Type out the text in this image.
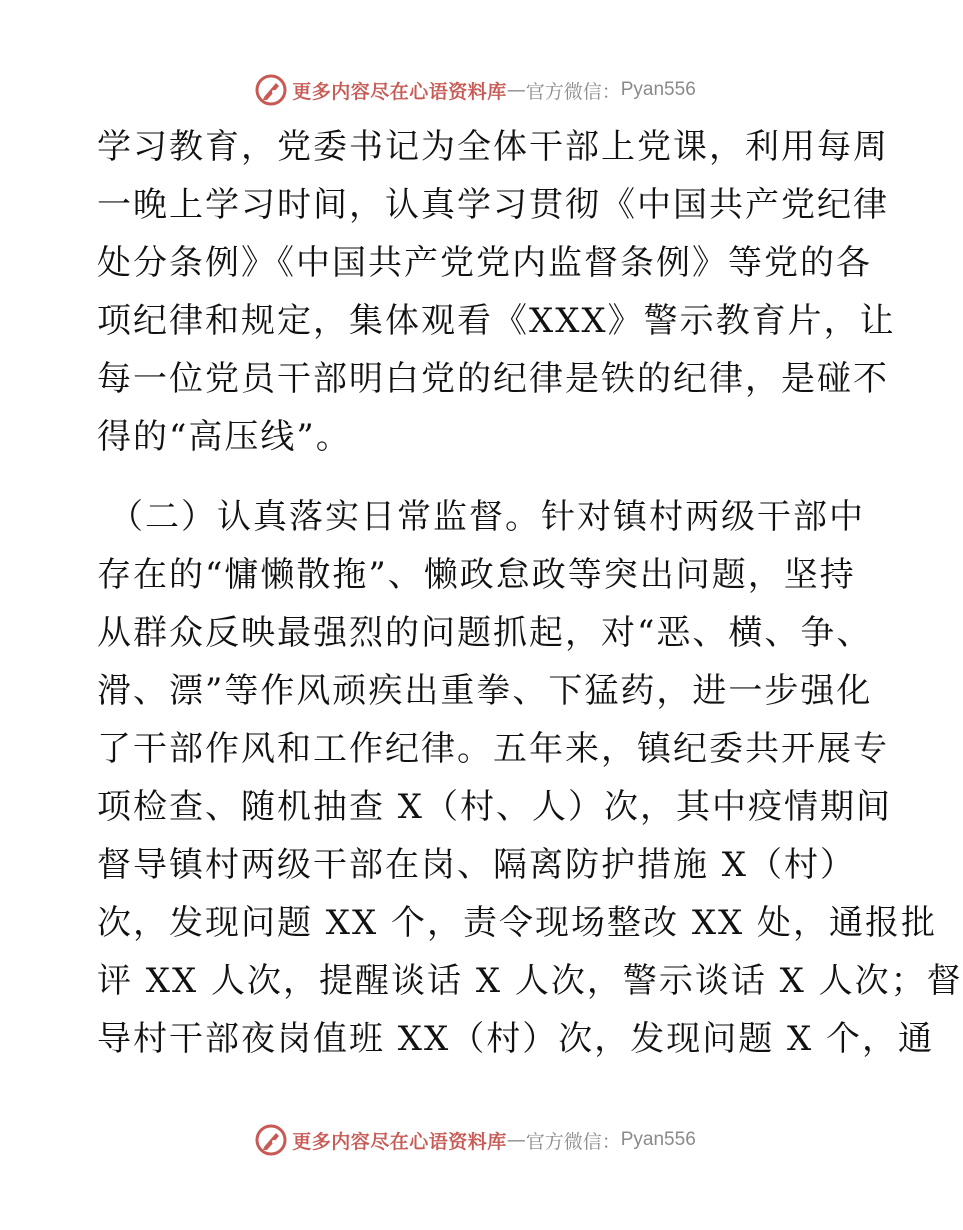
更多内容尽在心语资料库 — 官方微信： Pyan556
学习教育，党委书记为全体干部上党课，利用每周
一晚上学习时间，认真学习贯彻《中国共产党纪律
处分条例》《中国共产党党内监督条例》等党的各
项纪律和规定，集体观看《XXX》警示教育片，让
每一位党员干部明白党的纪律是铁的纪律，是碰不
得的“高压线”。
（二）认真落实日常监督。针对镇村两级干部中
存在的“慵懒散拖”、懒政怠政等突出问题，坚持
从群众反映最强烈的问题抓起，对“恶、横、争、
滑、漂”等作风顽疾出重拳、下猛药，进一步强化
了干部作风和工作纪律。五年来，镇纪委共开展专
项检查、随机抽查 X（村、人）次，其中疫情期间
督导镇村两级干部在岗、隔离防护措施 X（村）
次，发现问题 XX 个，责令现场整改 XX 处，通报批
评 XX 人次，提醒谈话 X 人次，警示谈话 X 人次；督
导村干部夜岗值班 XX（村）次，发现问题 X 个，通
更多内容尽在心语资料库 — 官方微信： Pyan556
